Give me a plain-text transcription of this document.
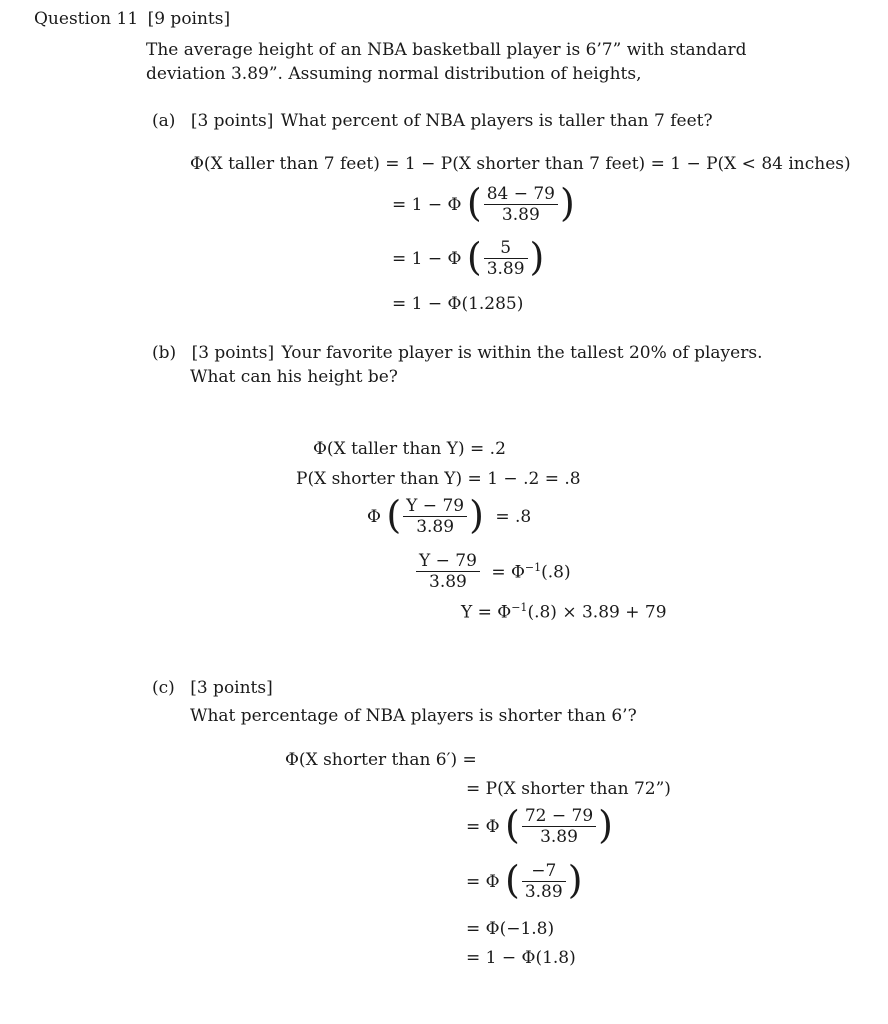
Question 11 [9 points]
The average height of an NBA basketball player is 6’7” with standard
deviation 3.89”. Assuming normal distribution of heights,
(a) [3 points] What percent of NBA players is taller than 7 feet?
Φ(X taller than 7 feet) = 1 − P(X shorter than 7 feet) = 1 − P(X < 84 inches)
= 1 − Φ ( $\frac{84 - 79}{3.89}$ )
= 1 − Φ ( $\frac{5}{3.89}$ )
= 1 − Φ(1.285)
(b) [3 points] Your favorite player is within the tallest 20% of players.
What can his height be?
Φ(X taller than Y) = .2
P(X shorter than Y) = 1 − .2 = .8
Φ ( $\frac{Y - 79}{3.89}$ ) = .8
$\frac{Y - 79}{3.89} = \Phi^{-1}(.8)$
$Y = \Phi^{-1}(.8) \times 3.89 + 79$
(c) [3 points]
What percentage of NBA players is shorter than 6’?
Φ(X shorter than 6′) =
= P(X shorter than 72”)
= Φ ( $\frac{72 - 79}{3.89}$ )
= Φ ( $\frac{-7}{3.89}$ )
= Φ(−1.8)
= 1 − Φ(1.8)
